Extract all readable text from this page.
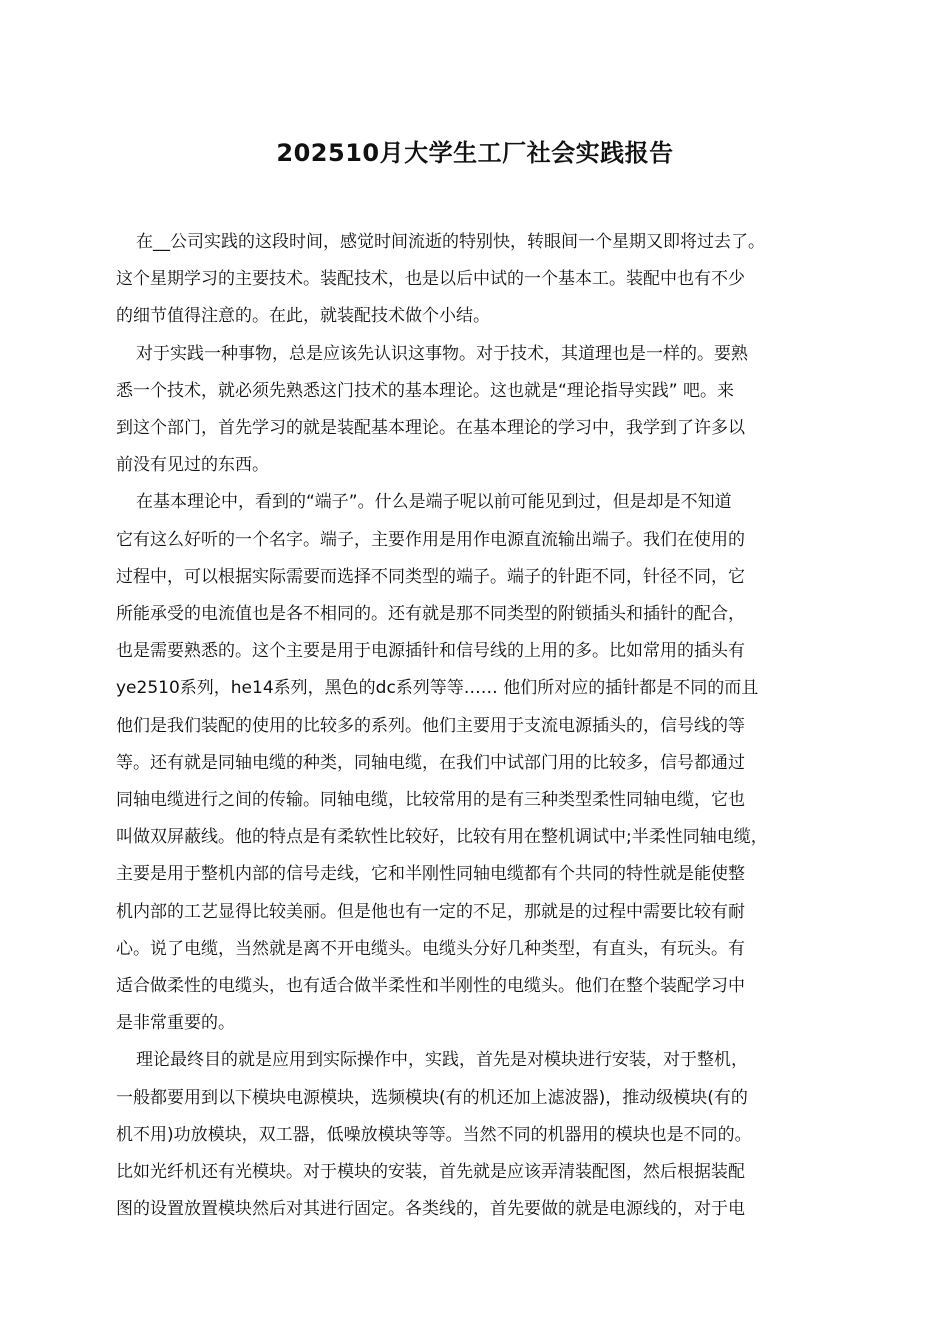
202510月大学生工厂社会实践报告
在__公司实践的这段时间，感觉时间流逝的特别快，转眼间一个星期又即将过去了。
这个星期学习的主要技术。装配技术，也是以后中试的一个基本工。装配中也有不少
的细节值得注意的。在此，就装配技术做个小结。
对于实践一种事物，总是应该先认识这事物。对于技术，其道理也是一样的。要熟
悉一个技术，就必须先熟悉这门技术的基本理论。这也就是“理论指导实践” 吧。来
到这个部门，首先学习的就是装配基本理论。在基本理论的学习中，我学到了许多以
前没有见过的东西。
在基本理论中，看到的“端子”。什么是端子呢以前可能见到过，但是却是不知道
它有这么好听的一个名字。端子，主要作用是用作电源直流输出端子。我们在使用的
过程中，可以根据实际需要而选择不同类型的端子。端子的针距不同，针径不同，它
所能承受的电流值也是各不相同的。还有就是那不同类型的附锁插头和插针的配合，
也是需要熟悉的。这个主要是用于电源插针和信号线的上用的多。比如常用的插头有
ye2510系列，he14系列，黑色的dc系列等等…… 他们所对应的插针都是不同的而且
他们是我们装配的使用的比较多的系列。他们主要用于支流电源插头的，信号线的等
等。还有就是同轴电缆的种类，同轴电缆，在我们中试部门用的比较多，信号都通过
同轴电缆进行之间的传输。同轴电缆，比较常用的是有三种类型柔性同轴电缆，它也
叫做双屏蔽线。他的特点是有柔软性比较好，比较有用在整机调试中;半柔性同轴电缆，
主要是用于整机内部的信号走线，它和半刚性同轴电缆都有个共同的特性就是能使整
机内部的工艺显得比较美丽。但是他也有一定的不足，那就是的过程中需要比较有耐
心。说了电缆，当然就是离不开电缆头。电缆头分好几种类型，有直头，有玩头。有
适合做柔性的电缆头，也有适合做半柔性和半刚性的电缆头。他们在整个装配学习中
是非常重要的。
理论最终目的就是应用到实际操作中，实践，首先是对模块进行安装，对于整机，
一般都要用到以下模块电源模块，选频模块(有的机还加上滤波器)，推动级模块(有的
机不用)功放模块，双工器，低噪放模块等等。当然不同的机器用的模块也是不同的。
比如光纤机还有光模块。对于模块的安装，首先就是应该弄清装配图，然后根据装配
图的设置放置模块然后对其进行固定。各类线的，首先要做的就是电源线的，对于电
